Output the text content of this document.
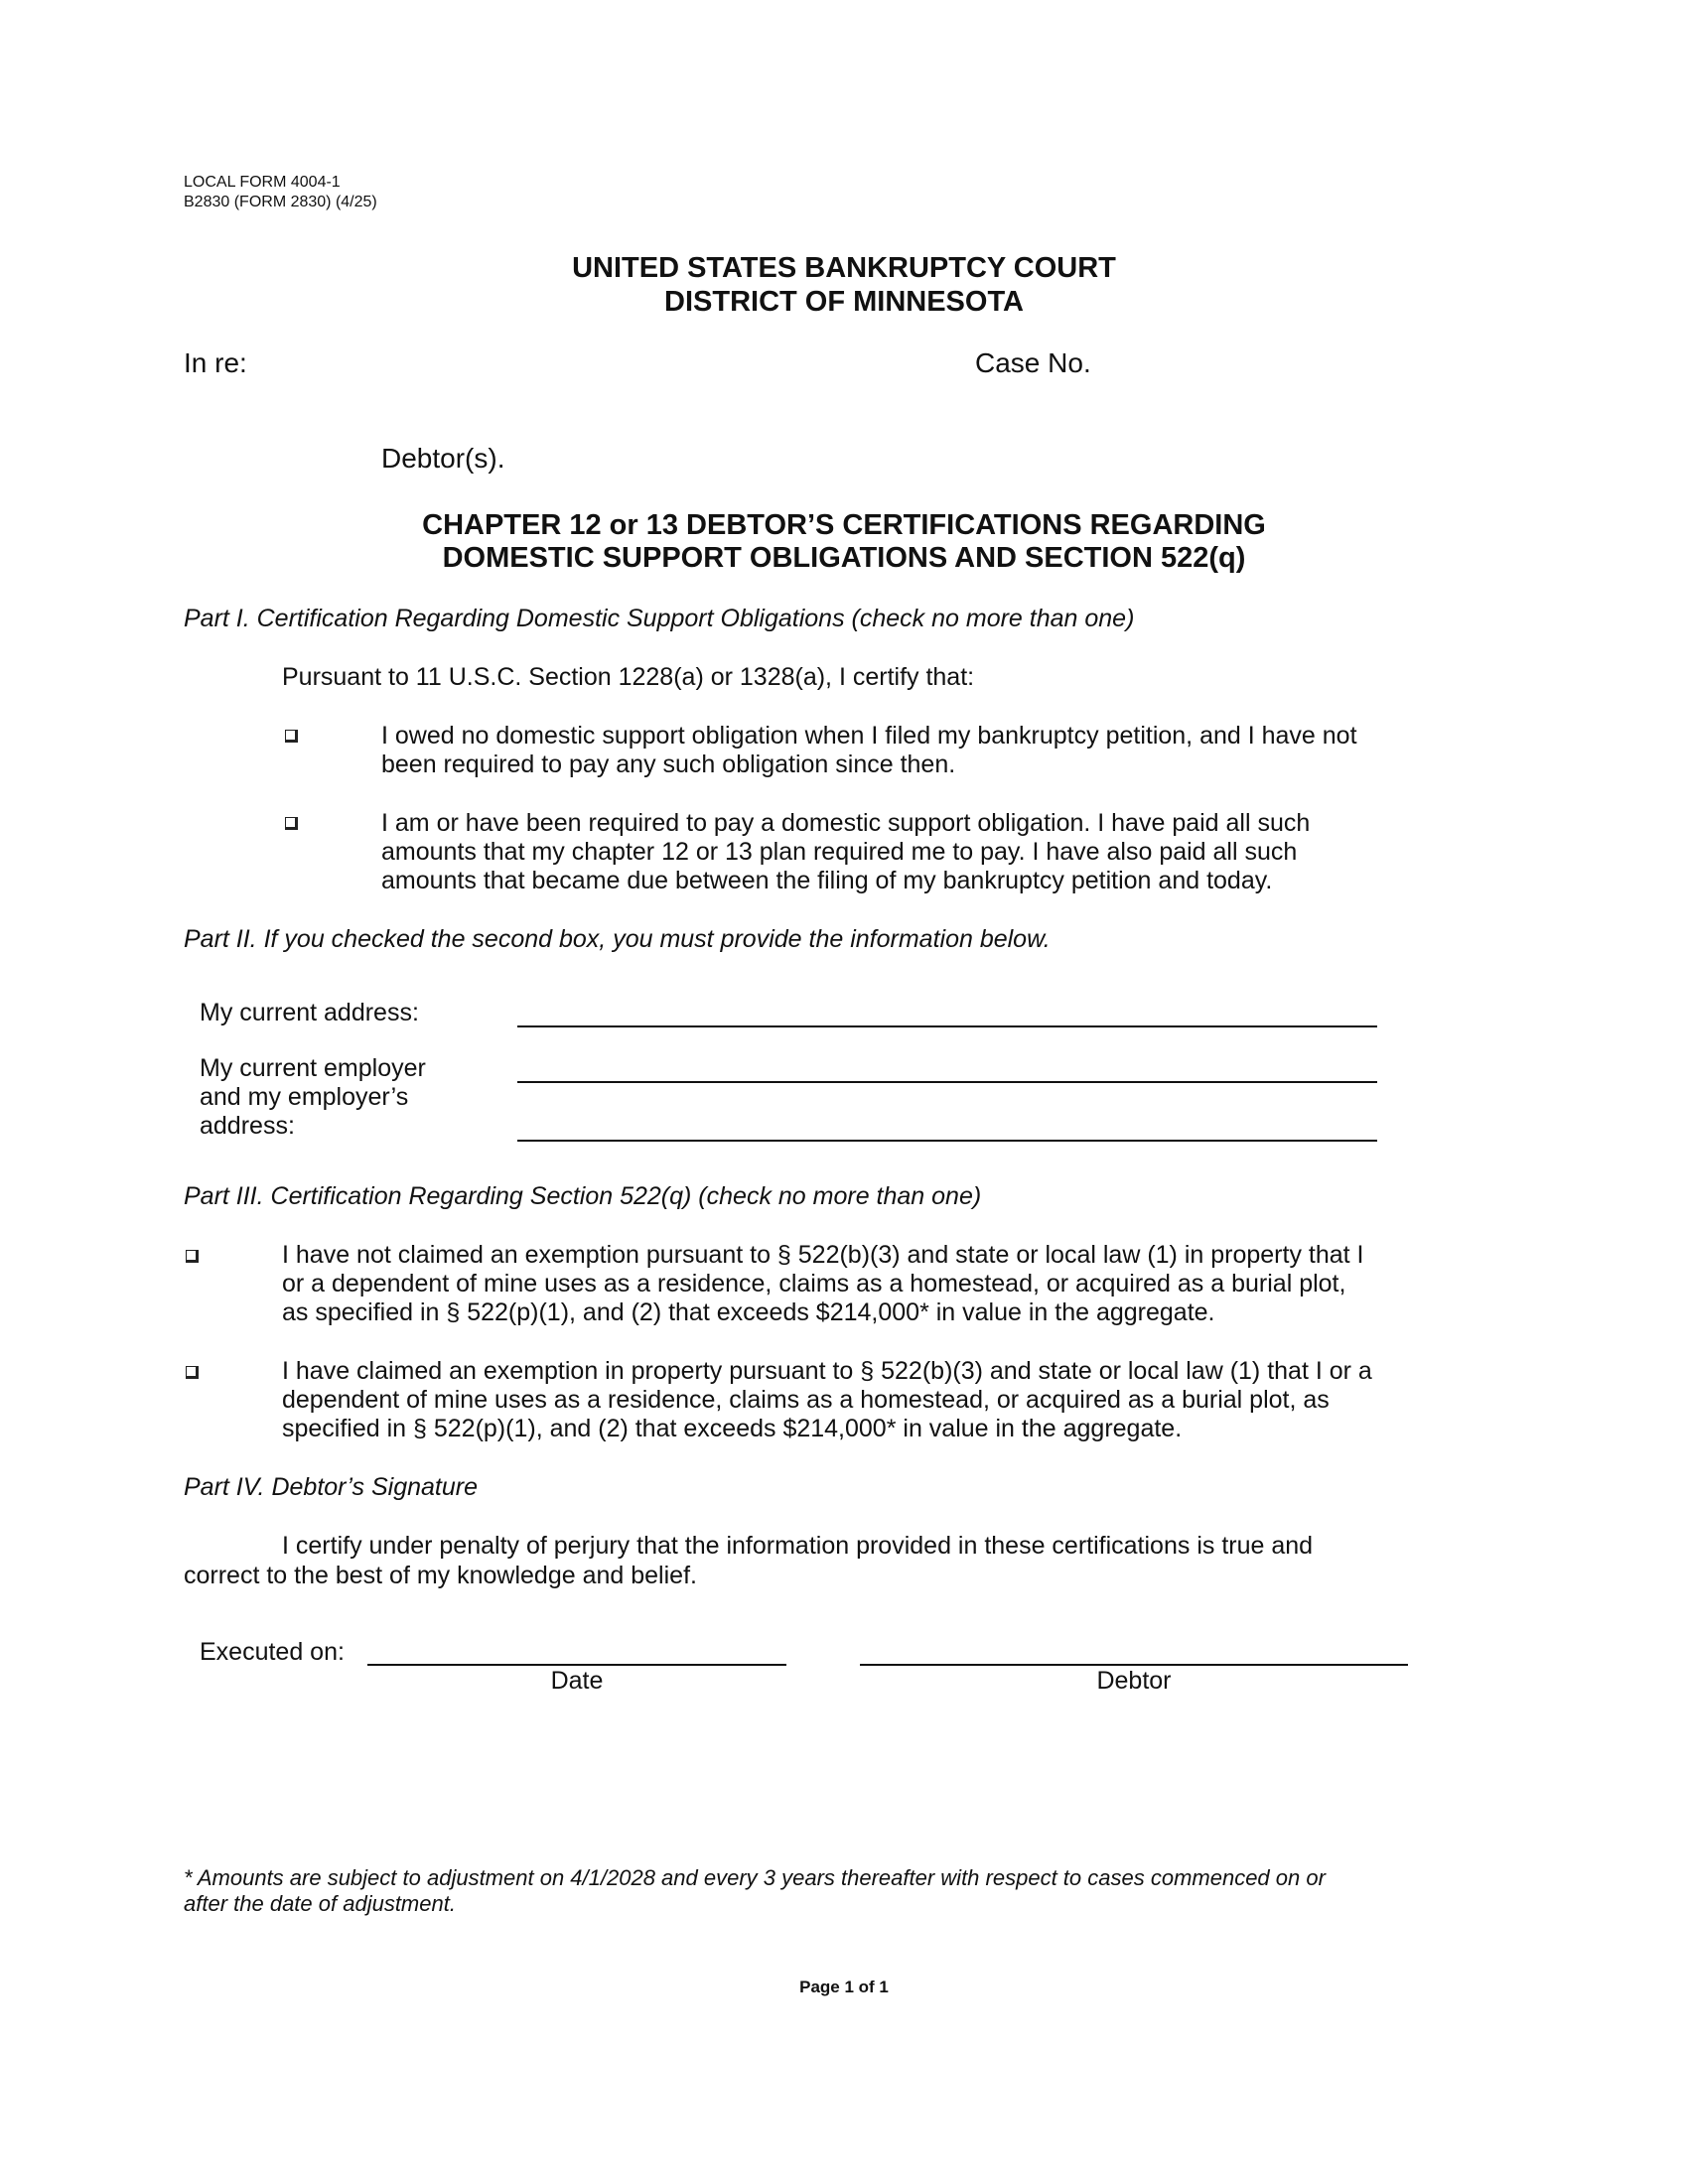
LOCAL FORM 4004-1
B2830 (FORM 2830) (4/25)
UNITED STATES BANKRUPTCY COURT
DISTRICT OF MINNESOTA
In re:	Case No.
Debtor(s).
CHAPTER 12 or 13 DEBTOR’S CERTIFICATIONS REGARDING
DOMESTIC SUPPORT OBLIGATIONS AND SECTION 522(q)
Part I. Certification Regarding Domestic Support Obligations (check no more than one)
Pursuant to 11 U.S.C. Section 1228(a) or 1328(a), I certify that:
I owed no domestic support obligation when I filed my bankruptcy petition, and I have not
been required to pay any such obligation since then.
I am or have been required to pay a domestic support obligation. I have paid all such
amounts that my chapter 12 or 13 plan required me to pay. I have also paid all such
amounts that became due between the filing of my bankruptcy petition and today.
Part II. If you checked the second box, you must provide the information below.
My current address:
My current employer
and my employer’s
address:
Part III. Certification Regarding Section 522(q) (check no more than one)
I have not claimed an exemption pursuant to § 522(b)(3) and state or local law (1) in property that I
or a dependent of mine uses as a residence, claims as a homestead, or acquired as a burial plot,
as specified in § 522(p)(1), and (2) that exceeds $214,000* in value in the aggregate.
I have claimed an exemption in property pursuant to § 522(b)(3) and state or local law (1) that I or a
dependent of mine uses as a residence, claims as a homestead, or acquired as a burial plot, as
specified in § 522(p)(1), and (2) that exceeds $214,000* in value in the aggregate.
Part IV. Debtor’s Signature
I certify under penalty of perjury that the information provided in these certifications is true and
correct to the best of my knowledge and belief.
Executed on:
Date	Debtor
* Amounts are subject to adjustment on 4/1/2028 and every 3 years thereafter with respect to cases commenced on or
after the date of adjustment.
Page 1 of 1
